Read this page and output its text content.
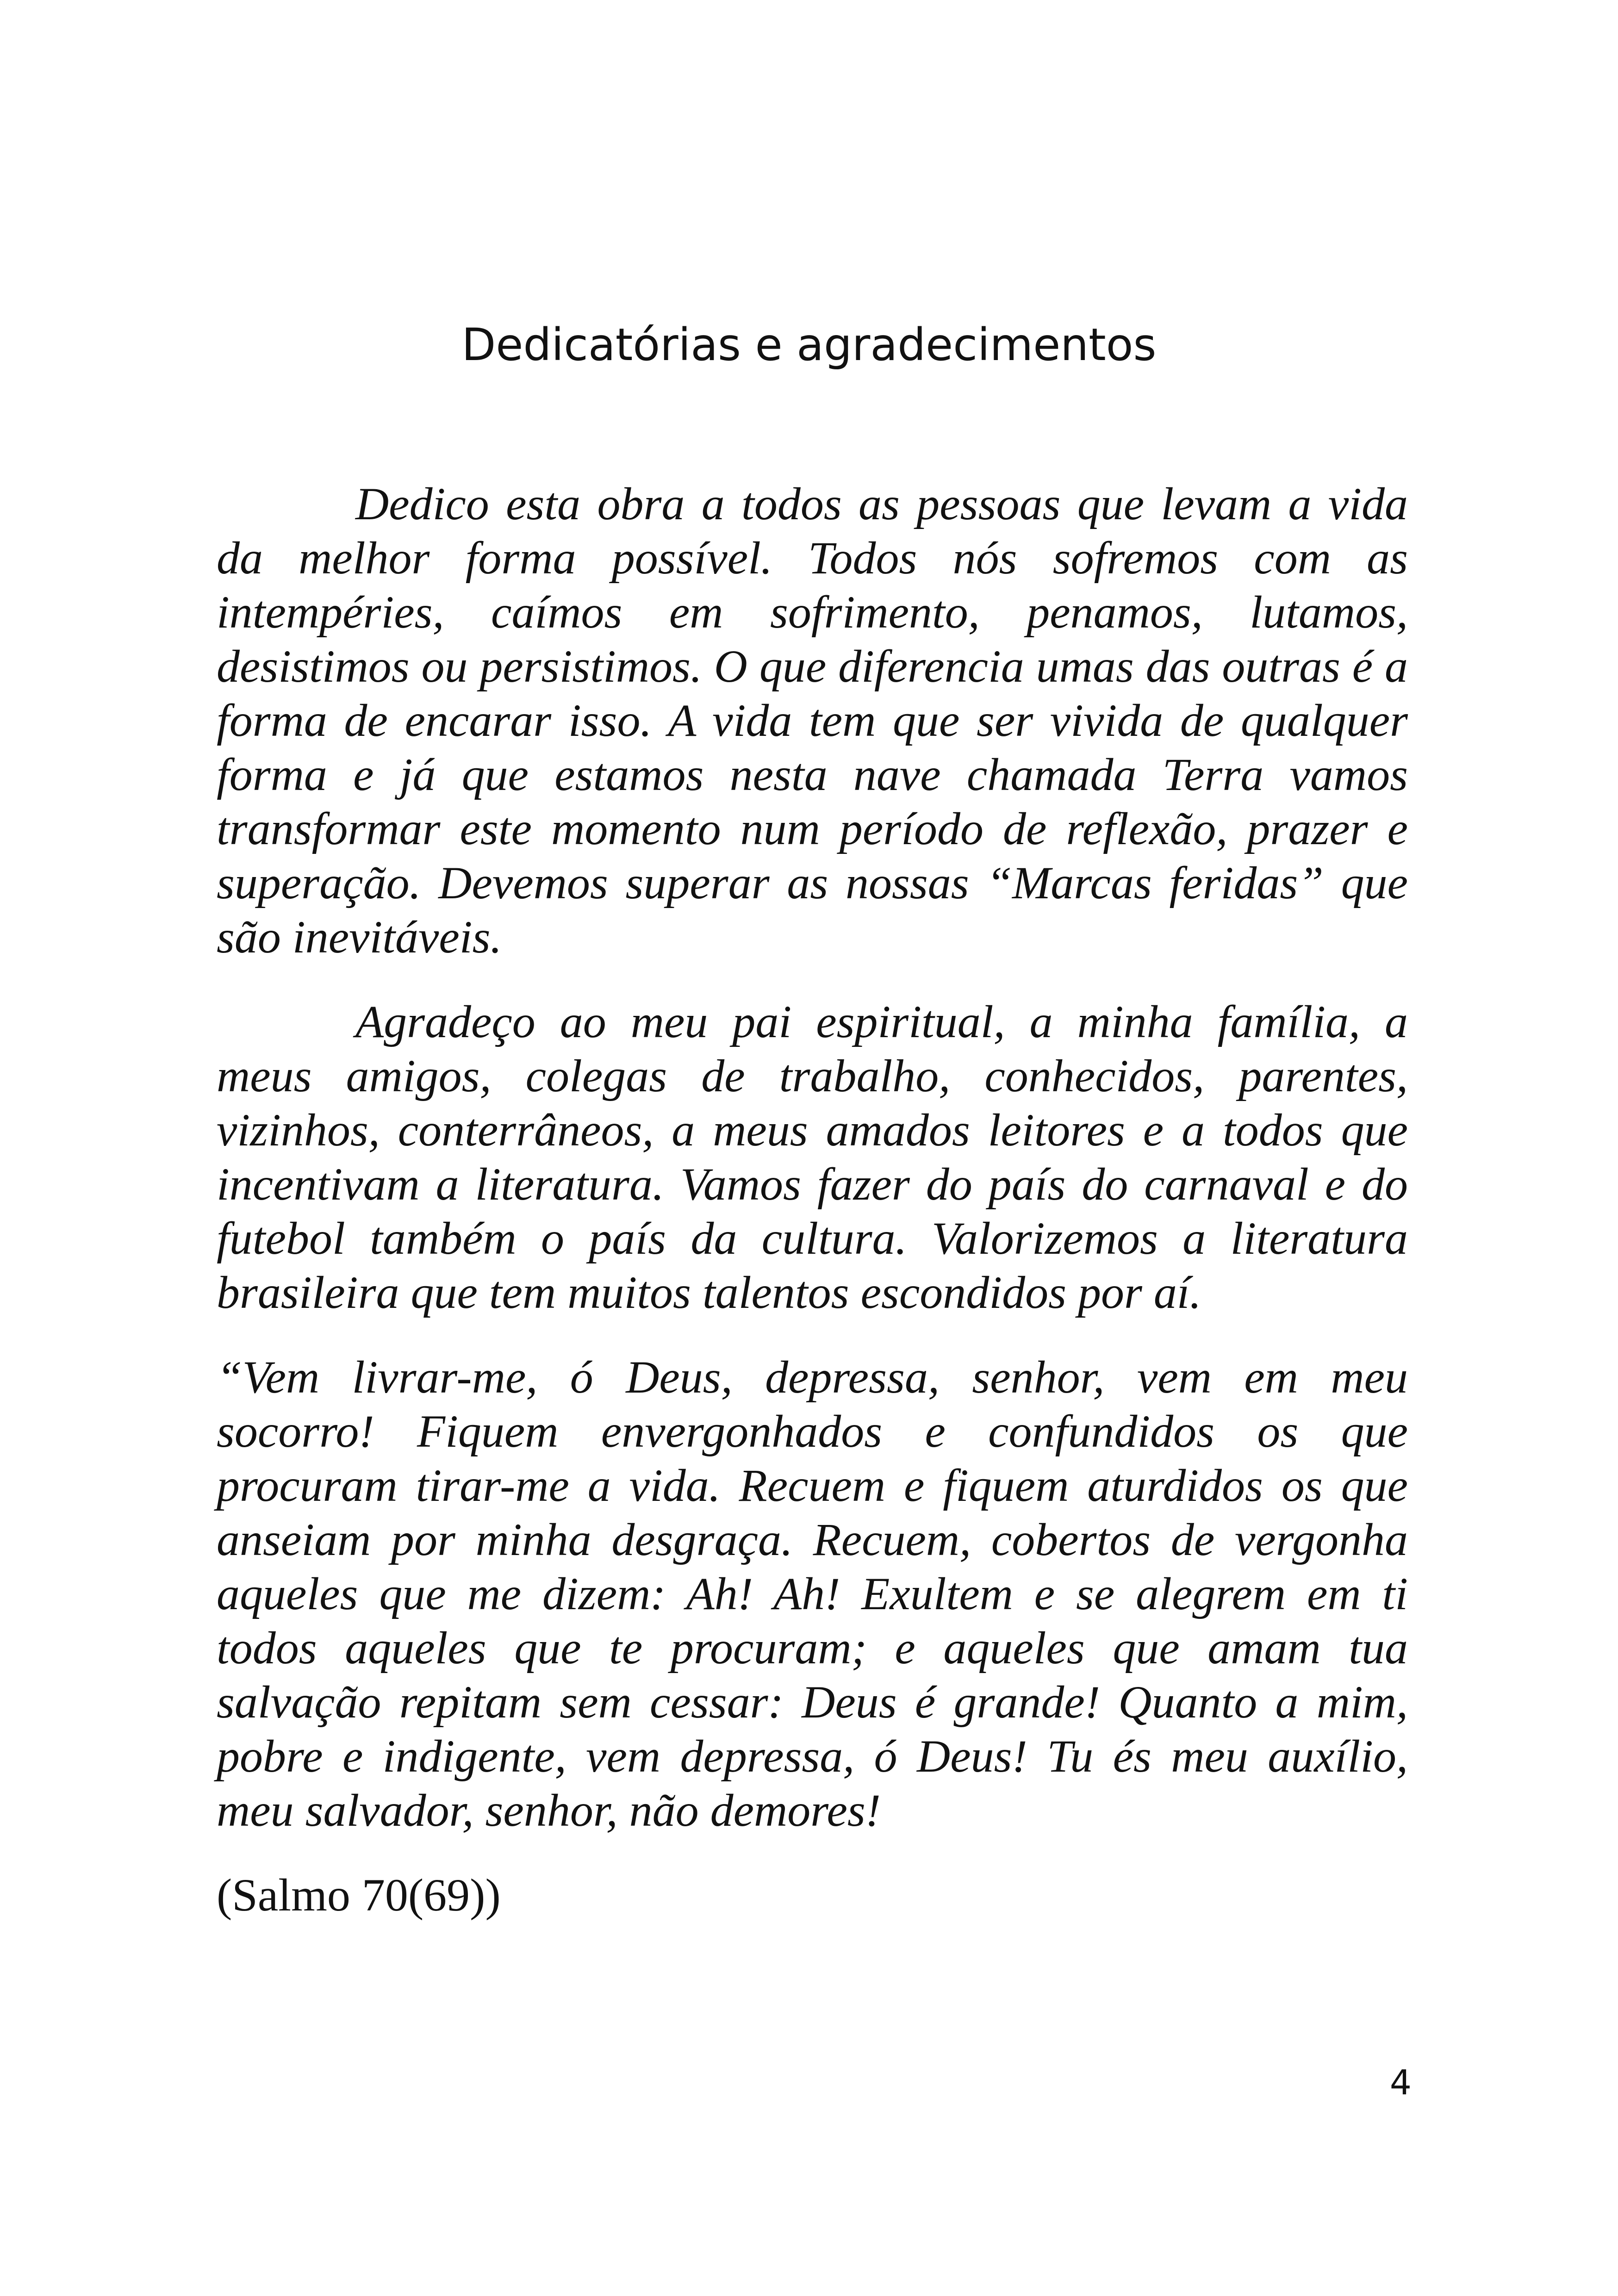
Dedicatórias e agradecimentos

Dedico esta obra a todos as pessoas que levam a vida da melhor forma possível. Todos nós sofremos com as intempéries, caímos em sofrimento, penamos, lutamos, desistimos ou persistimos. O que diferencia umas das outras é a forma de encarar isso. A vida tem que ser vivida de qualquer forma e já que estamos nesta nave chamada Terra vamos transformar este momento num período de reflexão, prazer e superação. Devemos superar as nossas “Marcas feridas” que são inevitáveis.

Agradeço ao meu pai espiritual, a minha família, a meus amigos, colegas de trabalho, conhecidos, parentes, vizinhos, conterrâneos, a meus amados leitores e a todos que incentivam a literatura. Vamos fazer do país do carnaval e do futebol também o país da cultura. Valorizemos a literatura brasileira que tem muitos talentos escondidos por aí.

“Vem livrar-me, ó Deus, depressa, senhor, vem em meu socorro! Fiquem envergonhados e confundidos os que procuram tirar-me a vida. Recuem e fiquem aturdidos os que anseiam por minha desgraça. Recuem, cobertos de vergonha aqueles que me dizem: Ah! Ah! Exultem e se alegrem em ti todos aqueles que te procuram; e aqueles que amam tua salvação repitam sem cessar: Deus é grande! Quanto a mim, pobre e indigente, vem depressa, ó Deus! Tu és meu auxílio, meu salvador, senhor, não demores!

(Salmo 70(69))

4
